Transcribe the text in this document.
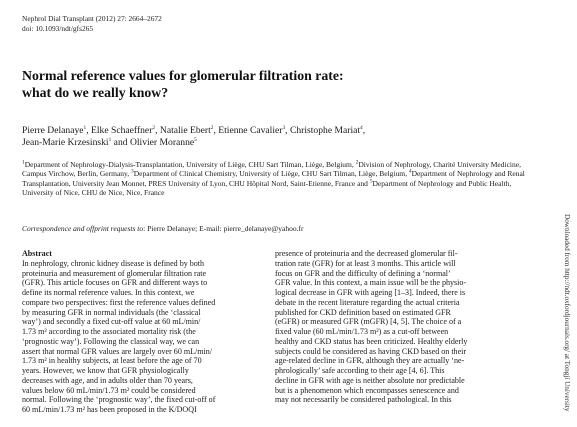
Nephrol Dial Transplant (2012) 27: 2664–2672
doi: 10.1093/ndt/gfs265
Normal reference values for glomerular filtration rate:
what do we really know?
Pierre Delanaye$^1$, Elke Schaeffner$^2$, Natalie Ebert$^2$, Etienne Cavalier$^3$, Christophe Mariat$^4$,
Jean-Marie Krzesinski$^1$ and Olivier Moranne$^5$
$^1$Department of Nephrology-Dialysis-Transplantation, University of Liège, CHU Sart Tilman, Liège, Belgium, $^2$Division of Nephrology, Charité University Medicine, Campus Virchow, Berlin, Germany, $^3$Department of Clinical Chemistry, University of Liège, CHU Sart Tilman, Liège, Belgium, $^4$Department of Nephrology and Renal Transplantation, University Jean Monnet, PRES University of Lyon, CHU Hôpital Nord, Saint-Etienne, France and $^5$Department of Nephrology and Public Health, University of Nice, CHU de Nice, Nice, France
Correspondence and offprint requests to: Pierre Delanaye; E-mail: pierre_delanaye@yahoo.fr
Abstract
In nephrology, chronic kidney disease is defined by both
proteinuria and measurement of glomerular filtration rate
(GFR). This article focuses on GFR and different ways to
define its normal reference values. In this context, we
compare two perspectives: first the reference values defined
by measuring GFR in normal individuals (the ‘classical
way’) and secondly a fixed cut-off value at 60 mL/min/
1.73 m² according to the associated mortality risk (the
‘prognostic way’). Following the classical way, we can
assert that normal GFR values are largely over 60 mL/min/
1.73 m² in healthy subjects, at least before the age of 70
years. However, we know that GFR physiologically
decreases with age, and in adults older than 70 years,
values below 60 mL/min/1.73 m² could be considered
normal. Following the ‘prognostic way’, the fixed cut-off of
60 mL/min/1.73 m² has been proposed in the K/DOQI
presence of proteinuria and the decreased glomerular fil-
tration rate (GFR) for at least 3 months. This article will
focus on GFR and the difficulty of defining a ‘normal’
GFR value. In this context, a main issue will be the physio-
logical decrease in GFR with ageing [1–3]. Indeed, there is
debate in the recent literature regarding the actual criteria
published for CKD definition based on estimated GFR
(eGFR) or measured GFR (mGFR) [4, 5]. The choice of a
fixed value (60 mL/min/1.73 m²) as a cut-off between
healthy and CKD status has been criticized. Healthy elderly
subjects could be considered as having CKD based on their
age-related decline in GFR, although they are actually ‘ne-
phrologically’ safe according to their age [4, 6]. This
decline in GFR with age is neither absolute nor predictable
but is a phenomenon which encompasses senescence and
may not necessarily be considered pathological. In this	Downloaded from http://ndt.oxfordjournals.org/ at Tongji University
